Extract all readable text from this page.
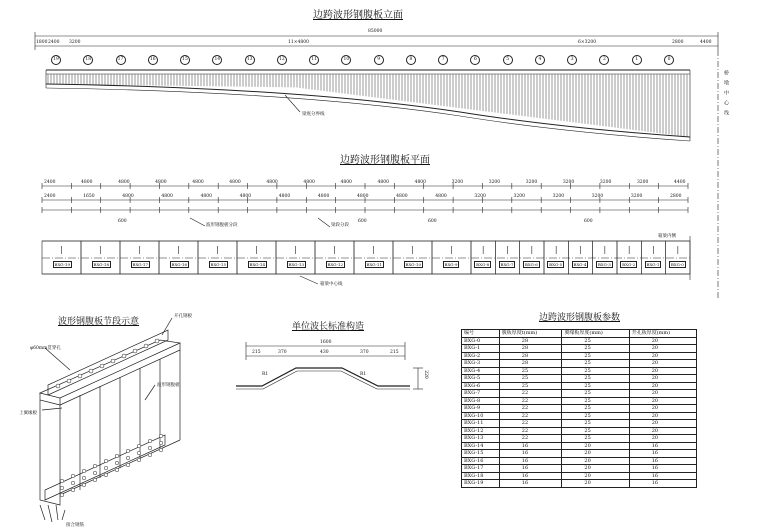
边跨波形钢腹板立面
85000
1800 2400 3200	11×4800	6×3200	2800	4400
19	18	17	16	15	14	13	12	11	10	9	8	7	6	5	4	3	2	1	0
梁底分界线	桥墩中心线
边跨波形钢腹板平面
2400	4800	4800	4800	4800	4800	4800	4800	4800	4800	4800	3200	3200	3200	3200	3200	3200	4400
2400	1650	4800	4800	4800	4800	4800	4800	4800	4800	4800	3200	3200	3200	3200	3200	2800
600	600	600	600
波形钢腹板分段	梁段分段
箱梁内侧
箱梁中心线
BXG-19	BXG-18	BXG-17	BXG-16	BXG-15	BXG-14	BXG-13	BXG-12	BXG-11	BXG-10	BXG-9	BXG-8	BXG-7	BXG-6	BXG-5	BXG-4	BXG-3	BXG-2	BXG-1	BXG-0
波形钢腹板节段示意
开孔钢板
φ60mm贯穿孔
波形钢腹板
上翼缘板
接合钢筋
单位波长标准构造
1600
215	370	430	370	215
220
R1	R1
边跨波形钢腹板参数
编号	腹板厚度t(mm)	翼缘板厚度(mm)	开孔板厚度(mm)
BXG-0	28	25	20
BXG-1	28	25	20
BXG-2	28	25	20
BXG-3	28	25	20
BXG-4	25	25	20
BXG-5	25	25	20
BXG-6	25	25	20
BXG-7	22	25	20
BXG-8	22	25	20
BXG-9	22	25	20
BXG-10	22	25	20
BXG-11	22	25	20
BXG-12	22	25	20
BXG-13	22	25	20
BXG-14	16	20	16
BXG-15	16	20	16
BXG-16	16	20	16
BXG-17	16	20	16
BXG-18	16	20	16
BXG-19	16	20	16
